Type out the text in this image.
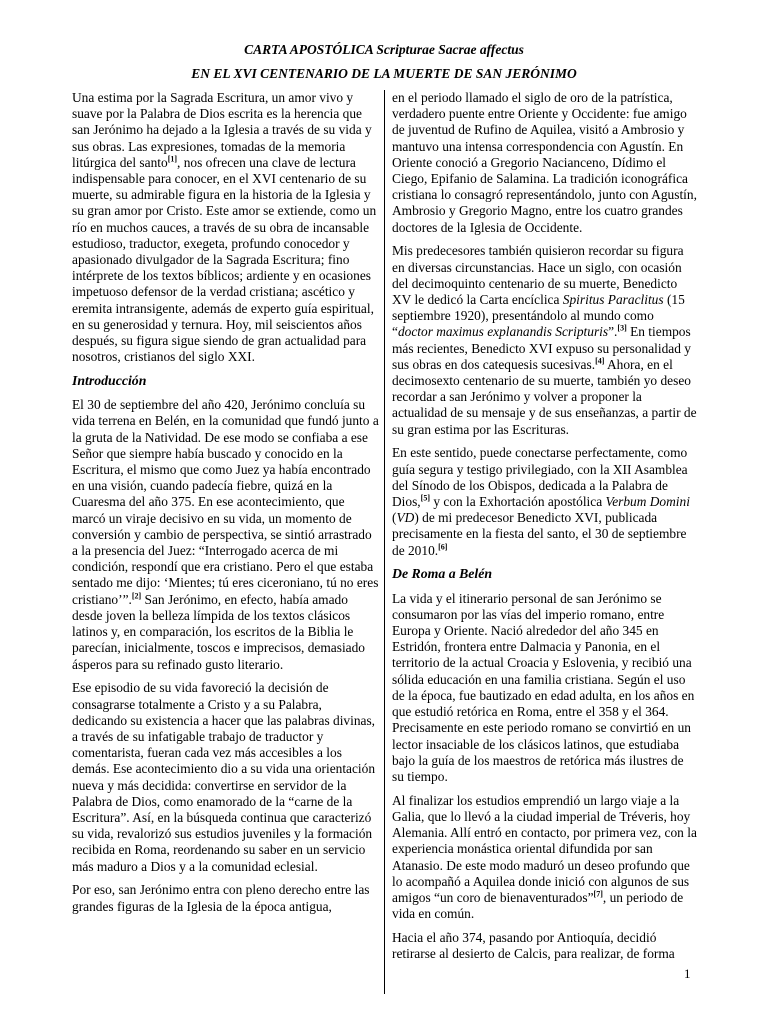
CARTA APOSTÓLICA Scripturae Sacrae affectus
EN EL XVI CENTENARIO DE LA MUERTE DE SAN JERÓNIMO

Una estima por la Sagrada Escritura, un amor vivo y suave por la Palabra de Dios escrita es la herencia que san Jerónimo ha dejado a la Iglesia a través de su vida y sus obras. Las expresiones, tomadas de la memoria litúrgica del santo[1], nos ofrecen una clave de lectura indispensable para conocer, en el XVI centenario de su muerte, su admirable figura en la historia de la Iglesia y su gran amor por Cristo. Este amor se extiende, como un río en muchos cauces, a través de su obra de incansable estudioso, traductor, exegeta, profundo conocedor y apasionado divulgador de la Sagrada Escritura; fino intérprete de los textos bíblicos; ardiente y en ocasiones impetuoso defensor de la verdad cristiana; ascético y eremita intransigente, además de experto guía espiritual, en su generosidad y ternura. Hoy, mil seiscientos años después, su figura sigue siendo de gran actualidad para nosotros, cristianos del siglo XXI.

Introducción

El 30 de septiembre del año 420, Jerónimo concluía su vida terrena en Belén, en la comunidad que fundó junto a la gruta de la Natividad. De ese modo se confiaba a ese Señor que siempre había buscado y conocido en la Escritura, el mismo que como Juez ya había encontrado en una visión, cuando padecía fiebre, quizá en la Cuaresma del año 375. En ese acontecimiento, que marcó un viraje decisivo en su vida, un momento de conversión y cambio de perspectiva, se sintió arrastrado a la presencia del Juez: “Interrogado acerca de mi condición, respondí que era cristiano. Pero el que estaba sentado me dijo: ‘Mientes; tú eres ciceroniano, tú no eres cristiano’”.[2] San Jerónimo, en efecto, había amado desde joven la belleza límpida de los textos clásicos latinos y, en comparación, los escritos de la Biblia le parecían, inicialmente, toscos e imprecisos, demasiado ásperos para su refinado gusto literario.

Ese episodio de su vida favoreció la decisión de consagrarse totalmente a Cristo y a su Palabra, dedicando su existencia a hacer que las palabras divinas, a través de su infatigable trabajo de traductor y comentarista, fueran cada vez más accesibles a los demás. Ese acontecimiento dio a su vida una orientación nueva y más decidida: convertirse en servidor de la Palabra de Dios, como enamorado de la “carne de la Escritura”. Así, en la búsqueda continua que caracterizó su vida, revalorizó sus estudios juveniles y la formación recibida en Roma, reordenando su saber en un servicio más maduro a Dios y a la comunidad eclesial.

Por eso, san Jerónimo entra con pleno derecho entre las grandes figuras de la Iglesia de la época antigua,

en el periodo llamado el siglo de oro de la patrística, verdadero puente entre Oriente y Occidente: fue amigo de juventud de Rufino de Aquilea, visitó a Ambrosio y mantuvo una intensa correspondencia con Agustín. En Oriente conoció a Gregorio Nacianceno, Dídimo el Ciego, Epifanio de Salamina. La tradición iconográfica cristiana lo consagró representándolo, junto con Agustín, Ambrosio y Gregorio Magno, entre los cuatro grandes doctores de la Iglesia de Occidente.

Mis predecesores también quisieron recordar su figura en diversas circunstancias. Hace un siglo, con ocasión del decimoquinto centenario de su muerte, Benedicto XV le dedicó la Carta encíclica Spiritus Paraclitus (15 septiembre 1920), presentándolo al mundo como “doctor maximus explanandis Scripturis”.[3] En tiempos más recientes, Benedicto XVI expuso su personalidad y sus obras en dos catequesis sucesivas.[4] Ahora, en el decimosexto centenario de su muerte, también yo deseo recordar a san Jerónimo y volver a proponer la actualidad de su mensaje y de sus enseñanzas, a partir de su gran estima por las Escrituras.

En este sentido, puede conectarse perfectamente, como guía segura y testigo privilegiado, con la XII Asamblea del Sínodo de los Obispos, dedicada a la Palabra de Dios,[5] y con la Exhortación apostólica Verbum Domini (VD) de mi predecesor Benedicto XVI, publicada precisamente en la fiesta del santo, el 30 de septiembre de 2010.[6]

De Roma a Belén

La vida y el itinerario personal de san Jerónimo se consumaron por las vías del imperio romano, entre Europa y Oriente. Nació alrededor del año 345 en Estridón, frontera entre Dalmacia y Panonia, en el territorio de la actual Croacia y Eslovenia, y recibió una sólida educación en una familia cristiana. Según el uso de la época, fue bautizado en edad adulta, en los años en que estudió retórica en Roma, entre el 358 y el 364. Precisamente en este periodo romano se convirtió en un lector insaciable de los clásicos latinos, que estudiaba bajo la guía de los maestros de retórica más ilustres de su tiempo.

Al finalizar los estudios emprendió un largo viaje a la Galia, que lo llevó a la ciudad imperial de Tréveris, hoy Alemania. Allí entró en contacto, por primera vez, con la experiencia monástica oriental difundida por san Atanasio. De este modo maduró un deseo profundo que lo acompañó a Aquilea donde inició con algunos de sus amigos “un coro de bienaventurados”[7], un periodo de vida en común.

Hacia el año 374, pasando por Antioquía, decidió retirarse al desierto de Calcis, para realizar, de forma

1
